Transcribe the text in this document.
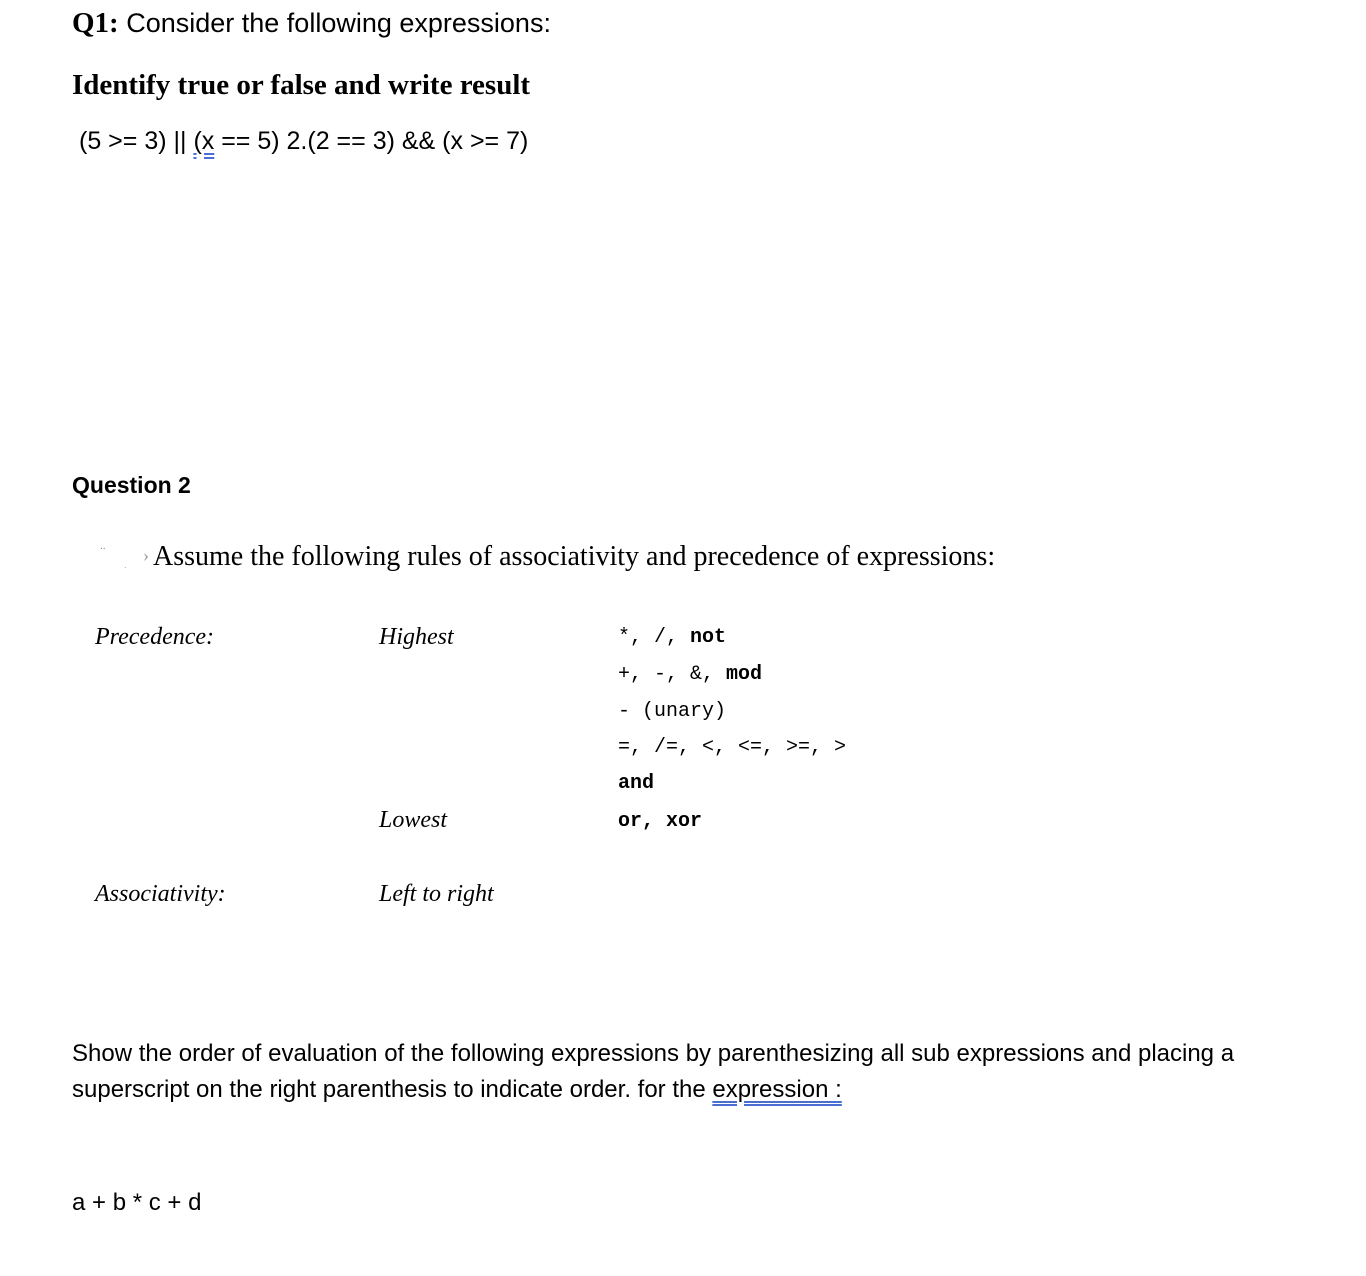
Q1: Consider the following expressions:
Identify true or false and write result
(5 >= 3) || (x == 5) 2.(2 == 3) && (x >= 7)
Question 2
..
. › Assume the following rules of associativity and precedence of expressions:
Precedence:	Highest
Lowest
*, /, not
+, -, &, mod
- (unary)
=, /=, <, <=, >=, >
and
or, xor
Associativity:	Left to right
Show the order of evaluation of the following expressions by parenthesizing all sub expressions and placing a superscript on the right parenthesis to indicate order. for the expression :
a + b * c + d
